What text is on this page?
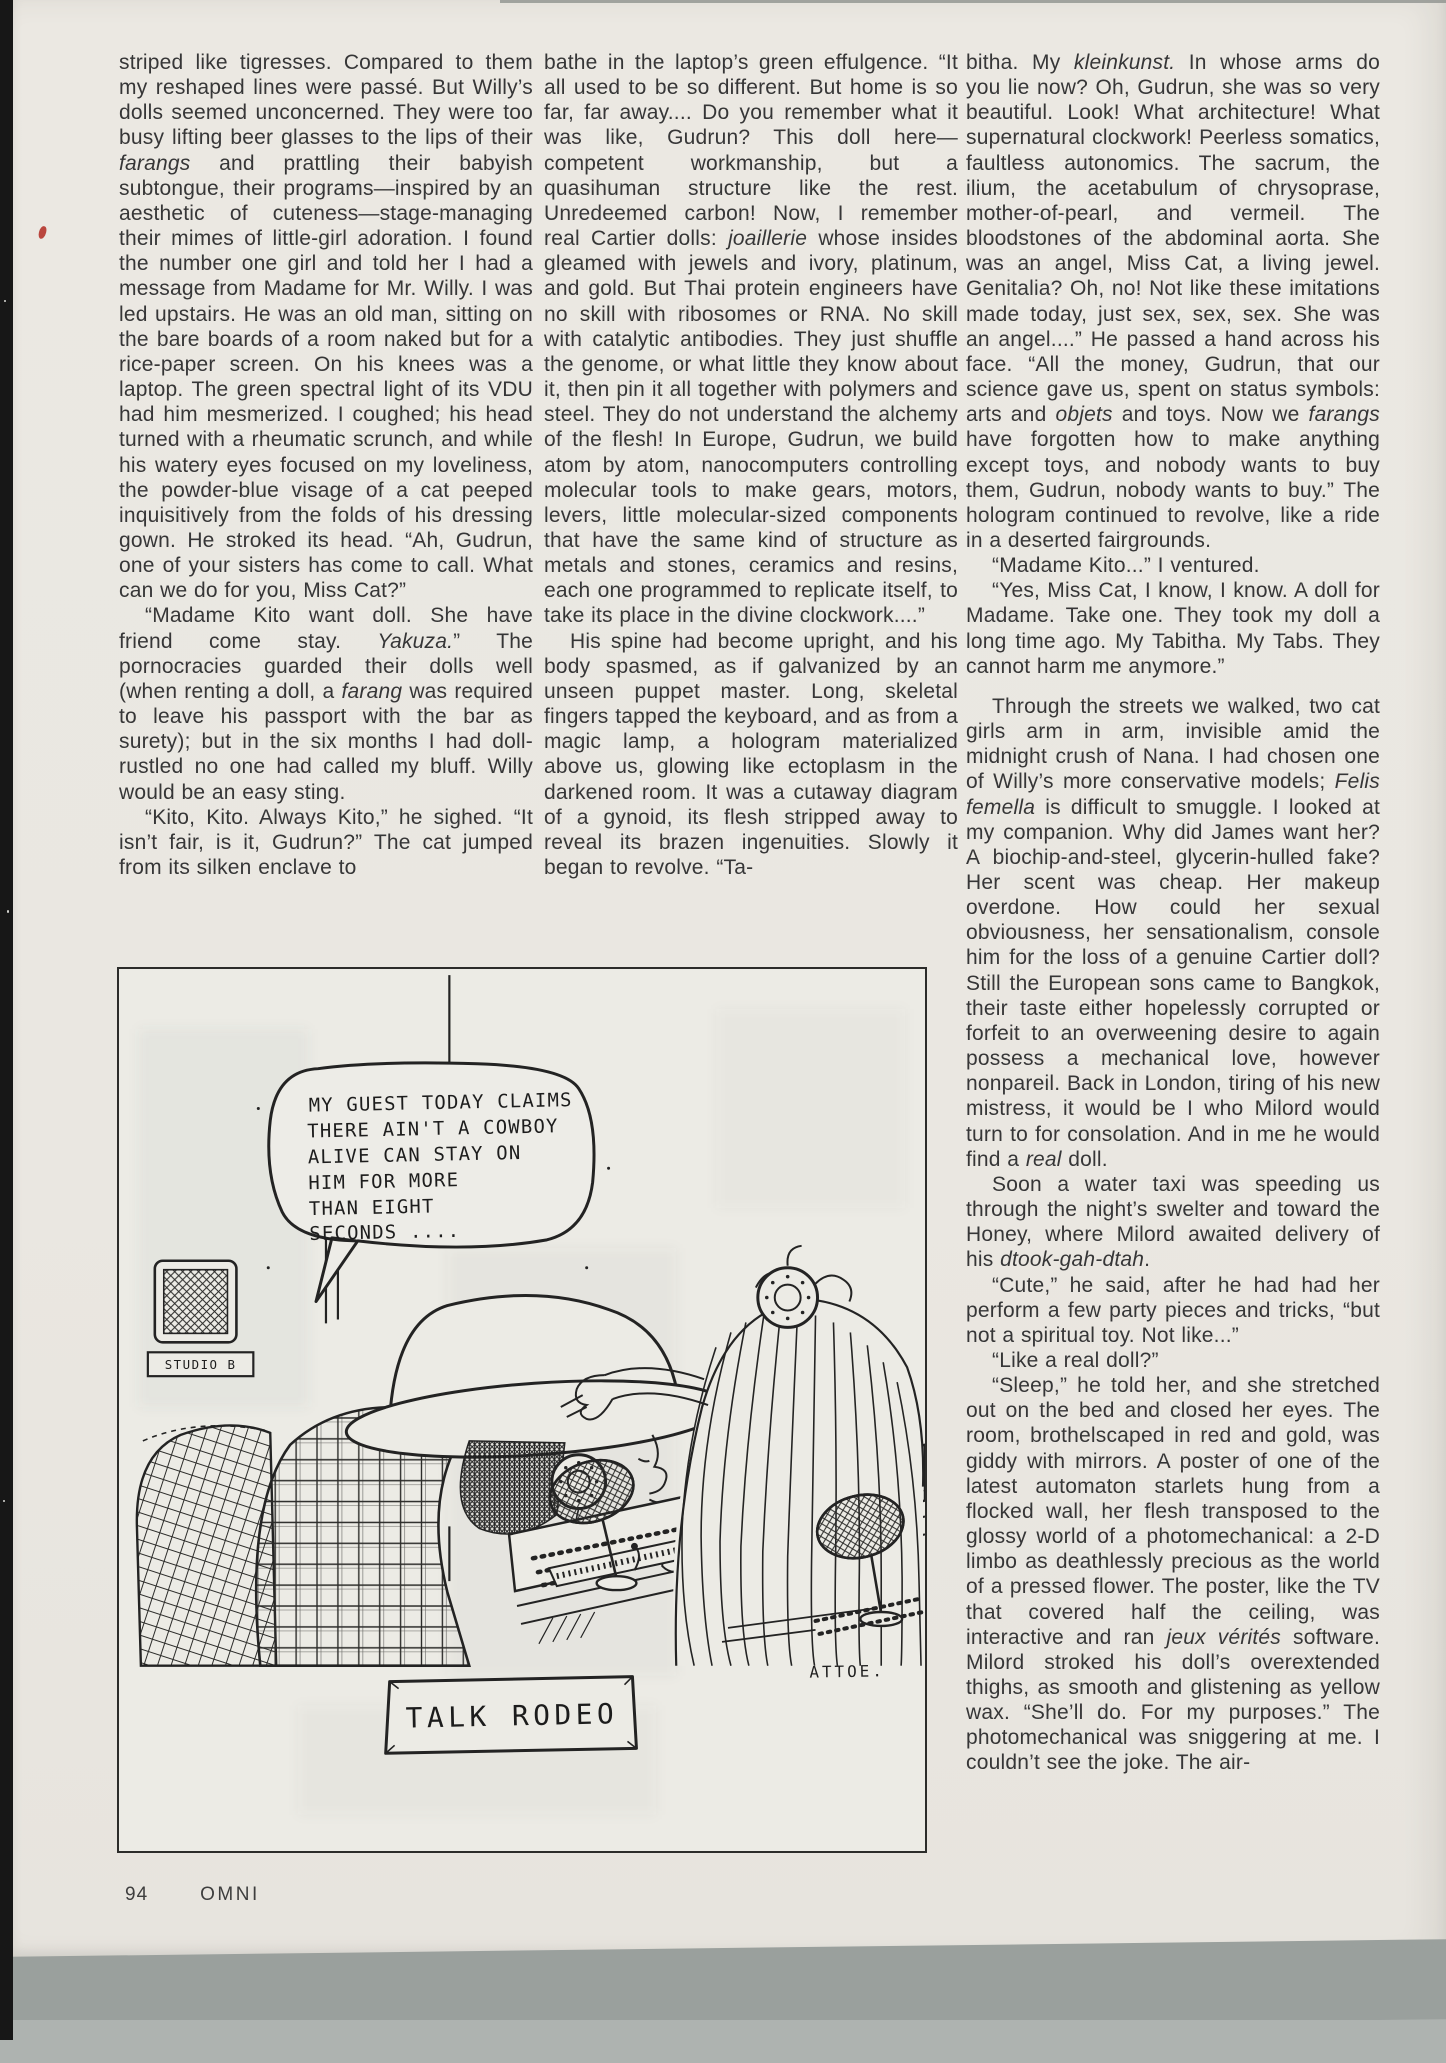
striped like tigresses. Compared to them my reshaped lines were passé. But Willy’s dolls seemed unconcerned. They were too busy lifting beer glasses to the lips of their farangs and prattling their babyish subtongue, their programs—inspired by an aesthetic of cuteness—stage-managing their mimes of little-girl adoration. I found the number one girl and told her I had a message from Madame for Mr. Willy. I was led upstairs. He was an old man, sitting on the bare boards of a room naked but for a rice-paper screen. On his knees was a laptop. The green spectral light of its VDU had him mesmerized. I coughed; his head turned with a rheumatic scrunch, and while his watery eyes focused on my loveliness, the powder-blue visage of a cat peeped inquisitively from the folds of his dressing gown. He stroked its head. “Ah, Gudrun, one of your sisters has come to call. What can we do for you, Miss Cat?”

“Madame Kito want doll. She have friend come stay. Yakuza.” The pornocracies guarded their dolls well (when renting a doll, a farang was required to leave his passport with the bar as surety); but in the six months I had doll-rustled no one had called my bluff. Willy would be an easy sting.

“Kito, Kito. Always Kito,” he sighed. “It isn’t fair, is it, Gudrun?” The cat jumped from its silken enclave to

bathe in the laptop’s green effulgence. “It all used to be so different. But home is so far, far away.... Do you remember what it was like, Gudrun? This doll here—competent workmanship, but a quasihuman structure like the rest. Unredeemed carbon! Now, I remember real Cartier dolls: joaillerie whose insides gleamed with jewels and ivory, platinum, and gold. But Thai protein engineers have no skill with ribosomes or RNA. No skill with catalytic antibodies. They just shuffle the genome, or what little they know about it, then pin it all together with polymers and steel. They do not understand the alchemy of the flesh! In Europe, Gudrun, we build atom by atom, nanocomputers controlling molecular tools to make gears, motors, levers, little molecular-sized components that have the same kind of structure as metals and stones, ceramics and resins, each one programmed to replicate itself, to take its place in the divine clockwork....”

His spine had become upright, and his body spasmed, as if galvanized by an unseen puppet master. Long, skeletal fingers tapped the keyboard, and as from a magic lamp, a hologram materialized above us, glowing like ectoplasm in the darkened room. It was a cutaway diagram of a gynoid, its flesh stripped away to reveal its brazen ingenuities. Slowly it began to revolve. “Ta-

bitha. My kleinkunst. In whose arms do you lie now? Oh, Gudrun, she was so very beautiful. Look! What architecture! What supernatural clockwork! Peerless somatics, faultless autonomics. The sacrum, the ilium, the acetabulum of chrysoprase, mother-of-pearl, and vermeil. The bloodstones of the abdominal aorta. She was an angel, Miss Cat, a living jewel. Genitalia? Oh, no! Not like these imitations made today, just sex, sex, sex. She was an angel....” He passed a hand across his face. “All the money, Gudrun, that our science gave us, spent on status symbols: arts and objets and toys. Now we farangs have forgotten how to make anything except toys, and nobody wants to buy them, Gudrun, nobody wants to buy.” The hologram continued to revolve, like a ride in a deserted fairgrounds.

“Madame Kito...” I ventured.

“Yes, Miss Cat, I know, I know. A doll for Madame. Take one. They took my doll a long time ago. My Tabitha. My Tabs. They cannot harm me anymore.”

Through the streets we walked, two cat girls arm in arm, invisible amid the midnight crush of Nana. I had chosen one of Willy’s more conservative models; Felis femella is difficult to smuggle. I looked at my companion. Why did James want her? A biochip-and-steel, glycerin-hulled fake? Her scent was cheap. Her makeup overdone. How could her sexual obviousness, her sensationalism, console him for the loss of a genuine Cartier doll? Still the European sons came to Bangkok, their taste either hopelessly corrupted or forfeit to an overweening desire to again possess a mechanical love, however nonpareil. Back in London, tiring of his new mistress, it would be I who Milord would turn to for consolation. And in me he would find a real doll.

Soon a water taxi was speeding us through the night’s swelter and toward the Honey, where Milord awaited delivery of his dtook-gah-dtah.

“Cute,” he said, after he had had her perform a few party pieces and tricks, “but not a spiritual toy. Not like...”

“Like a real doll?”

“Sleep,” he told her, and she stretched out on the bed and closed her eyes. The room, brothelscaped in red and gold, was giddy with mirrors. A poster of one of the latest automaton starlets hung from a flocked wall, her flesh transposed to the glossy world of a photomechanical: a 2-D limbo as deathlessly precious as the world of a pressed flower. The poster, like the TV that covered half the ceiling, was interactive and ran jeux vérités software. Milord stroked his doll’s overextended thighs, as smooth and glistening as yellow wax. “She’ll do. For my purposes.” The photomechanical was sniggering at me. I couldn’t see the joke. The air-

STUDIO B
MY GUEST TODAY CLAIMS
THERE AIN'T A COWBOY
ALIVE CAN STAY ON
HIM FOR MORE
THAN EIGHT
SECONDS ....
TALK RODEO
ATTOE.
94	OMNI
